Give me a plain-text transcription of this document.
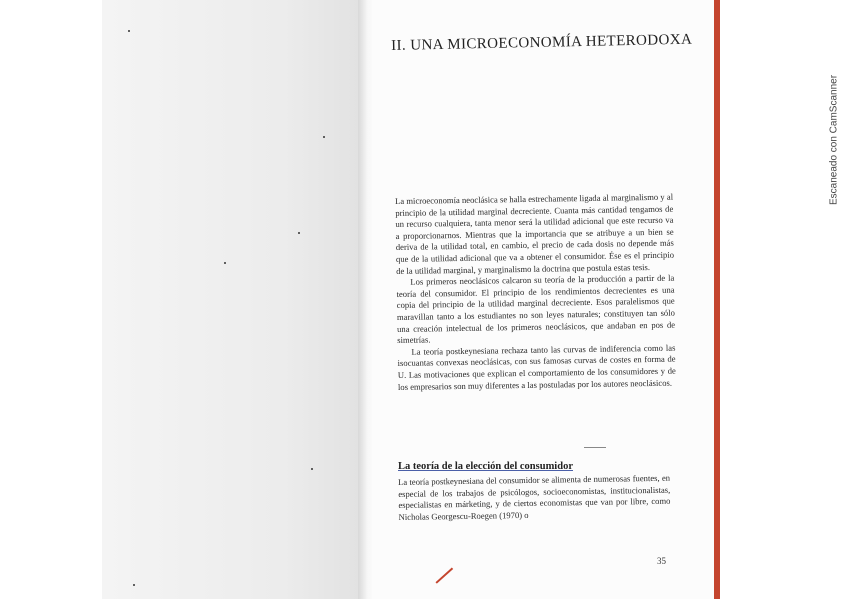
II. UNA MICROECONOMÍA HETERODOXA

La microeconomía neoclásica se halla estrechamente ligada al marginalismo y al principio de la utilidad marginal decreciente. Cuanta más cantidad tengamos de un recurso cualquiera, tanta menor será la utilidad adicional que este recurso va a proporcionarnos. Mientras que la importancia que se atribuye a un bien se deriva de la utilidad total, en cambio, el precio de cada dosis no depende más que de la utilidad adicional que va a obtener el consumidor. Ése es el principio de la utilidad marginal, y marginalismo la doctrina que postula estas tesis.

Los primeros neoclásicos calcaron su teoría de la producción a partir de la teoría del consumidor. El principio de los rendimientos decrecientes es una copia del principio de la utilidad marginal decreciente. Esos paralelismos que maravillan tanto a los estudiantes no son leyes naturales; constituyen tan sólo una creación intelectual de los primeros neoclásicos, que andaban en pos de simetrías.

La teoría postkeynesiana rechaza tanto las curvas de indiferencia como las isocuantas convexas neoclásicas, con sus famosas curvas de costes en forma de U. Las motivaciones que explican el comportamiento de los consumidores y de los empresarios son muy diferentes a las postuladas por los autores neoclásicos.

La teoría de la elección del consumidor
La teoría postkeynesiana del consumidor se alimenta de numerosas fuentes, en especial de los trabajos de psicólogos, socioeconomistas, institucionalistas, especialistas en márketing, y de ciertos economistas que van por libre, como Nicholas Georgescu-Roegen (1970) o
35
Escaneado con CamScanner
